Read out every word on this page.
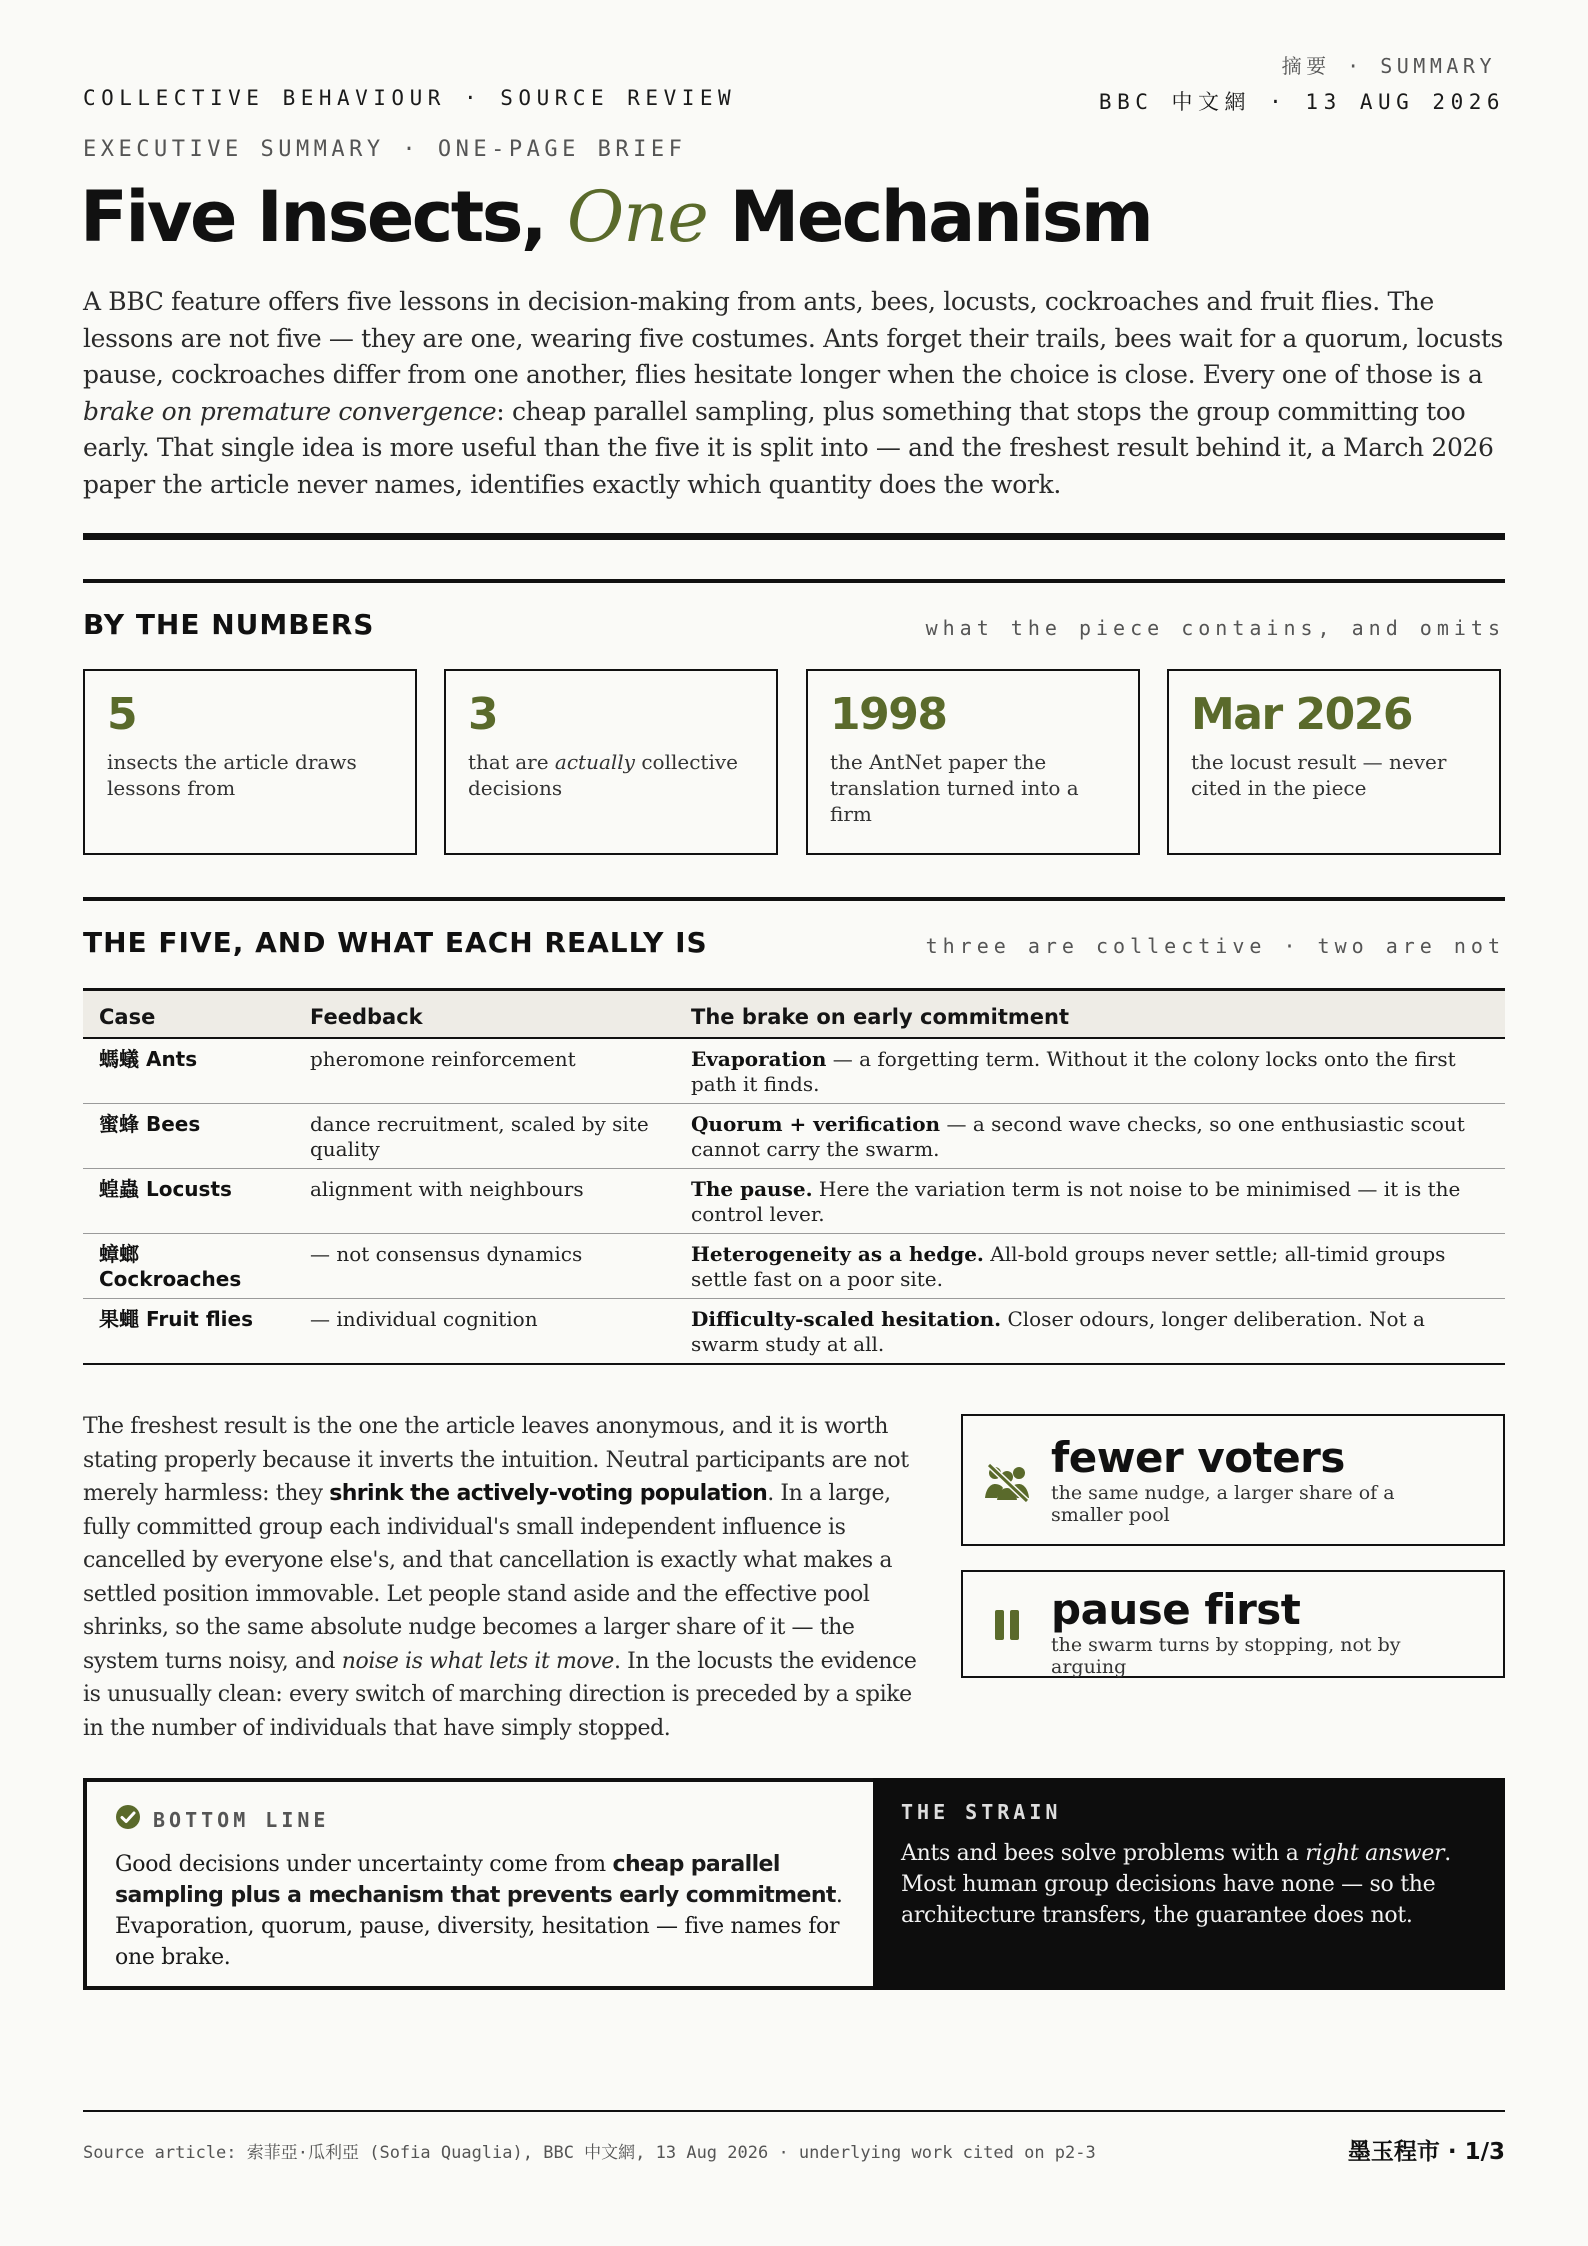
COLLECTIVE BEHAVIOUR · SOURCE REVIEW
摘要 · SUMMARY
BBC 中文網 · 13 AUG 2026
EXECUTIVE SUMMARY · ONE-PAGE BRIEF
Five Insects, One Mechanism

A BBC feature offers five lessons in decision-making from ants, bees, locusts, cockroaches and fruit flies. The lessons are not five — they are one, wearing five costumes. Ants forget their trails, bees wait for a quorum, locusts pause, cockroaches differ from one another, flies hesitate longer when the choice is close. Every one of those is a brake on premature convergence: cheap parallel sampling, plus something that stops the group committing too early. That single idea is more useful than the five it is split into — and the freshest result behind it, a March 2026 paper the article never names, identifies exactly which quantity does the work.

BY THE NUMBERS	what the piece contains, and omits
5
insects the article draws lessons from
3
that are actually collective decisions
1998
the AntNet paper the translation turned into a firm
Mar 2026
the locust result — never cited in the piece
THE FIVE, AND WHAT EACH REALLY IS	three are collective · two are not
Case	Feedback	The brake on early commitment
螞蟻 Ants	pheromone reinforcement	Evaporation — a forgetting term. Without it the colony locks onto the first path it finds.
蜜蜂 Bees	dance recruitment, scaled by site quality	Quorum + verification — a second wave checks, so one enthusiastic scout cannot carry the swarm.
蝗蟲 Locusts	alignment with neighbours	The pause. Here the variation term is not noise to be minimised — it is the control lever.
蟑螂 Cockroaches	— not consensus dynamics	Heterogeneity as a hedge. All-bold groups never settle; all-timid groups settle fast on a poor site.
果蠅 Fruit flies	— individual cognition	Difficulty-scaled hesitation. Closer odours, longer deliberation. Not a swarm study at all.

The freshest result is the one the article leaves anonymous, and it is worth stating properly because it inverts the intuition. Neutral participants are not merely harmless: they shrink the actively-voting population. In a large, fully committed group each individual's small independent influence is cancelled by everyone else's, and that cancellation is exactly what makes a settled position immovable. Let people stand aside and the effective pool shrinks, so the same absolute nudge becomes a larger share of it — the system turns noisy, and noise is what lets it move. In the locusts the evidence is unusually clean: every switch of marching direction is preceded by a spike in the number of individuals that have simply stopped.

fewer voters
the same nudge, a larger share of a smaller pool
pause first
the swarm turns by stopping, not by arguing
BOTTOM LINE
Good decisions under uncertainty come from cheap parallel sampling plus a mechanism that prevents early commitment. Evaporation, quorum, pause, diversity, hesitation — five names for one brake.
THE STRAIN
Ants and bees solve problems with a right answer. Most human group decisions have none — so the architecture transfers, the guarantee does not.
Source article: 索菲亞·瓜利亞 (Sofia Quaglia), BBC 中文網, 13 Aug 2026 · underlying work cited on p2-3	墨玉程市 · 1/3
